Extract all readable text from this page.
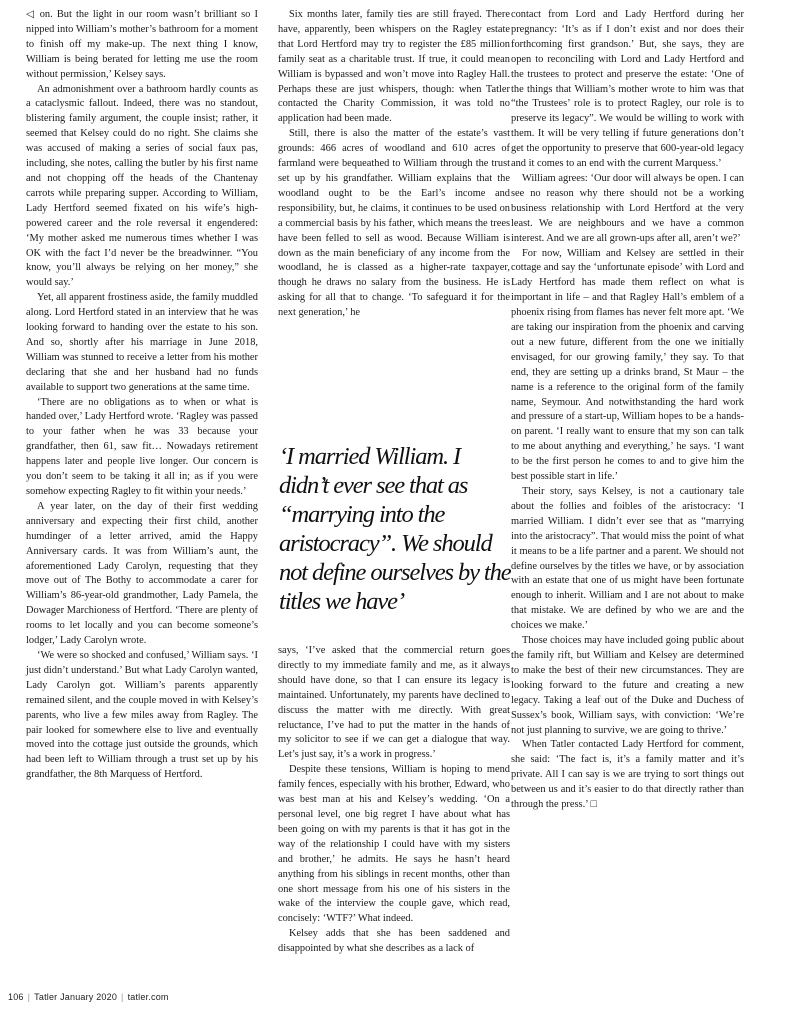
◁ on. But the light in our room wasn’t brilliant so I nipped into William’s mother’s bathroom for a moment to finish off my make-up. The next thing I know, William is being berated for letting me use the room without permission,’ Kelsey says.

An admonishment over a bathroom hardly counts as a cataclysmic fallout. Indeed, there was no standout, blistering family argument, the couple insist; rather, it seemed that Kelsey could do no right. She claims she was accused of making a series of social faux pas, including, she notes, calling the butler by his first name and not chopping off the heads of the Chantenay carrots while preparing supper. According to William, Lady Hertford seemed fixated on his wife’s high-powered career and the role reversal it engendered: ‘My mother asked me numerous times whether I was OK with the fact I’d never be the breadwinner. “You know, you’ll always be relying on her money,” she would say.’

Yet, all apparent frostiness aside, the family muddled along. Lord Hertford stated in an interview that he was looking forward to handing over the estate to his son. And so, shortly after his marriage in June 2018, William was stunned to receive a letter from his mother declaring that she and her husband had no funds available to support two generations at the same time.

‘There are no obligations as to when or what is handed over,’ Lady Hertford wrote. ‘Ragley was passed to your father when he was 33 because your grandfather, then 61, saw fit… Nowadays retirement happens later and people live longer. Our concern is you don’t seem to be taking it all in; as if you were somehow expecting Ragley to fit within your needs.’

A year later, on the day of their first wedding anniversary and expecting their first child, another humdinger of a letter arrived, amid the Happy Anniversary cards. It was from William’s aunt, the aforementioned Lady Carolyn, requesting that they move out of The Bothy to accommodate a carer for William’s 86-year-old grandmother, Lady Pamela, the Dowager Marchioness of Hertford. ‘There are plenty of rooms to let locally and you can become someone’s lodger,’ Lady Carolyn wrote.

‘We were so shocked and confused,’ William says. ‘I just didn’t understand.’ But what Lady Carolyn wanted, Lady Carolyn got. William’s parents apparently remained silent, and the couple moved in with Kelsey’s parents, who live a few miles away from Ragley. The pair looked for somewhere else to live and eventually moved into the cottage just outside the grounds, which had been left to William through a trust set up by his grandfather, the 8th Marquess of Hertford.

Six months later, family ties are still frayed. There have, apparently, been whispers on the Ragley estate that Lord Hertford may try to register the £85 million family seat as a charitable trust. If true, it could mean William is bypassed and won’t move into Ragley Hall. Perhaps these are just whispers, though: when Tatler contacted the Charity Commission, it was told no application had been made.

Still, there is also the matter of the estate’s vast grounds: 466 acres of woodland and 610 acres of farmland were bequeathed to William through the trust set up by his grandfather. William explains that the woodland ought to be the Earl’s income and responsibility, but, he claims, it continues to be used on a commercial basis by his father, which means the trees have been felled to sell as wood. Because William is down as the main beneficiary of any income from the woodland, he is classed as a higher-rate taxpayer, though he draws no salary from the business. He is asking for all that to change. ‘To safeguard it for the next generation,’ he

‘I married William. I didn’t ever see that as “marrying into the aristocracy”. We should not define ourselves by the titles we have’

says, ‘I’ve asked that the commercial return goes directly to my immediate family and me, as it always should have done, so that I can ensure its legacy is maintained. Unfortunately, my parents have declined to discuss the matter with me directly. With great reluctance, I’ve had to put the matter in the hands of my solicitor to see if we can get a dialogue that way. Let’s just say, it’s a work in progress.’

Despite these tensions, William is hoping to mend family fences, especially with his brother, Edward, who was best man at his and Kelsey’s wedding. ‘On a personal level, one big regret I have about what has been going on with my parents is that it has got in the way of the relationship I could have with my sisters and brother,’ he admits. He says he hasn’t heard anything from his siblings in recent months, other than one short message from his one of his sisters in the wake of the interview the couple gave, which read, concisely: ‘WTF?’ What indeed.

Kelsey adds that she has been saddened and disappointed by what she describes as a lack of

contact from Lord and Lady Hertford during her pregnancy: ‘It’s as if I don’t exist and nor does their forthcoming first grandson.’ But, she says, they are open to reconciling with Lord and Lady Hertford and the trustees to protect and preserve the estate: ‘One of the things that William’s mother wrote to him was that “the Trustees’ role is to protect Ragley, our role is to preserve its legacy”. We would be willing to work with them. It will be very telling if future generations don’t get the opportunity to preserve that 600-year-old legacy and it comes to an end with the current Marquess.’

William agrees: ‘Our door will always be open. I can see no reason why there should not be a working business relationship with Lord Hertford at the very least. We are neighbours and we have a common interest. And we are all grown-ups after all, aren’t we?’

For now, William and Kelsey are settled in their cottage and say the ‘unfortunate episode’ with Lord and Lady Hertford has made them reflect on what is important in life – and that Ragley Hall’s emblem of a phoenix rising from flames has never felt more apt. ‘We are taking our inspiration from the phoenix and carving out a new future, different from the one we initially envisaged, for our growing family,’ they say. To that end, they are setting up a drinks brand, St Maur – the name is a reference to the original form of the family name, Seymour. And notwithstanding the hard work and pressure of a start-up, William hopes to be a hands-on parent. ‘I really want to ensure that my son can talk to me about anything and everything,’ he says. ‘I want to be the first person he comes to and to give him the best possible start in life.’

Their story, says Kelsey, is not a cautionary tale about the follies and foibles of the aristocracy: ‘I married William. I didn’t ever see that as “marrying into the aristocracy”. That would miss the point of what it means to be a life partner and a parent. We should not define ourselves by the titles we have, or by association with an estate that one of us might have been fortunate enough to inherit. William and I are not about to make that mistake. We are defined by who we are and the choices we make.’

Those choices may have included going public about the family rift, but William and Kelsey are determined to make the best of their new circumstances. They are looking forward to the future and creating a new legacy. Taking a leaf out of the Duke and Duchess of Sussex’s book, William says, with conviction: ‘We’re not just planning to survive, we are going to thrive.’

When Tatler contacted Lady Hertford for comment, she said: ‘The fact is, it’s a family matter and it’s private. All I can say is we are trying to sort things out between us and it’s easier to do that directly rather than through the press.’ □

106 | Tatler January 2020 | tatler.com
